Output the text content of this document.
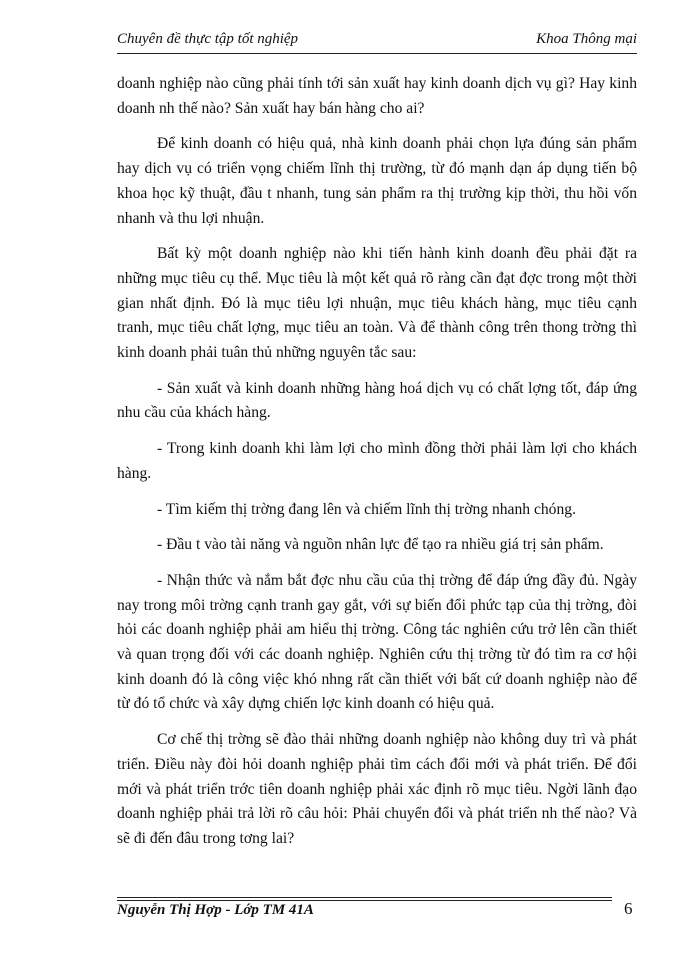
Chuyên đề thực tập tốt nghiệp	Khoa Thông mại

doanh nghiệp nào cũng phải tính tới sản xuất hay kinh doanh dịch vụ gì? Hay kinh doanh nh thế nào? Sản xuất hay bán hàng cho ai?

Để kinh doanh có hiệu quả, nhà kinh doanh phải chọn lựa đúng sản phẩm hay dịch vụ có triển vọng chiếm lĩnh thị trường, từ đó mạnh dạn áp dụng tiến bộ khoa học kỹ thuật, đầu t nhanh, tung sản phẩm ra thị trường kịp thời, thu hồi vốn nhanh và thu lợi nhuận.

Bất kỳ một doanh nghiệp nào khi tiến hành kinh doanh đều phải đặt ra những mục tiêu cụ thể. Mục tiêu là một kết quả rõ ràng cần đạt đợc trong một thời gian nhất định. Đó là mục tiêu lợi nhuận, mục tiêu khách hàng, mục tiêu cạnh tranh, mục tiêu chất lợng, mục tiêu an toàn. Và để thành công trên thong trờng thì kinh doanh phải tuân thủ những nguyên tắc sau:

- Sản xuất và kinh doanh những hàng hoá dịch vụ có chất lợng tốt, đáp ứng nhu cầu của khách hàng.

- Trong kinh doanh khi làm lợi cho mình đồng thời phải làm lợi cho khách hàng.

- Tìm kiếm thị trờng đang lên và chiếm lĩnh thị trờng nhanh chóng.

- Đầu t vào tài năng và nguồn nhân lực để tạo ra nhiều giá trị sản phẩm.

- Nhận thức và nắm bắt đợc nhu cầu của thị trờng để đáp ứng đầy đủ. Ngày nay trong môi trờng cạnh tranh gay gắt, với sự biến đổi phức tạp của thị trờng, đòi hỏi các doanh nghiệp phải am hiểu thị trờng. Công tác nghiên cứu trở lên cần thiết và quan trọng đối với các doanh nghiệp. Nghiên cứu thị trờng từ đó tìm ra cơ hội kinh doanh đó là công việc khó nhng rất cần thiết với bất cứ doanh nghiệp nào để từ đó tổ chức và xây dựng chiến lợc kinh doanh có hiệu quả.

Cơ chế thị trờng sẽ đào thải những doanh nghiệp nào không duy trì và phát triển. Điều này đòi hỏi doanh nghiệp phải tìm cách đổi mới và phát triển. Để đổi mới và phát triển trớc tiên doanh nghiệp phải xác định rõ mục tiêu. Ngời lãnh đạo doanh nghiệp phải trả lời rõ câu hỏi: Phải chuyển đổi và phát triển nh thế nào? Và sẽ đi đến đâu trong tơng lai?

Nguyễn Thị Hợp - Lớp TM 41A	6
